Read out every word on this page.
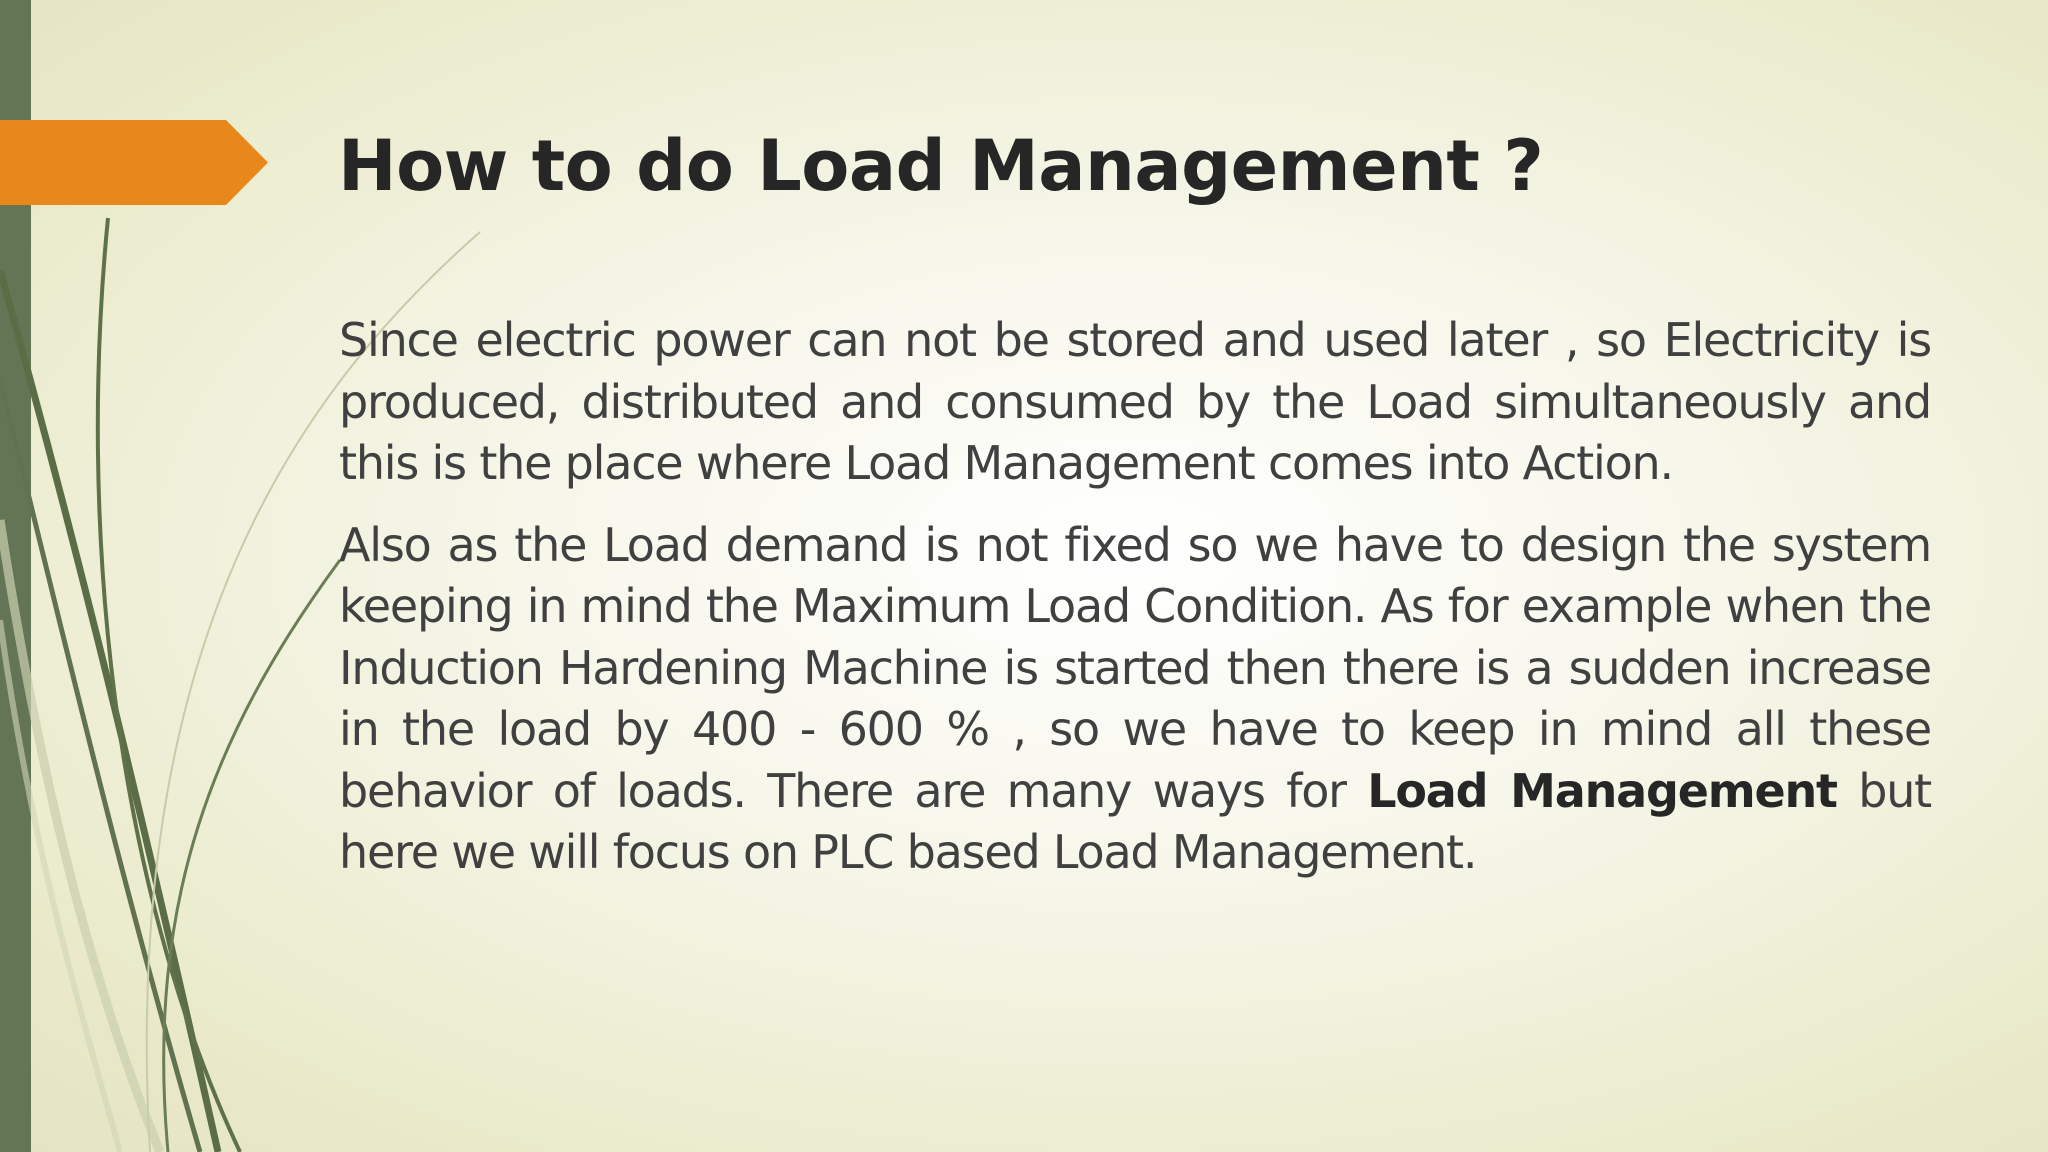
How to do Load Management ?

Since electric power can not be stored and used later , so Electricity is produced, distributed and consumed by the Load simultaneously and this is the place where Load Management comes into Action.

Also as the Load demand is not fixed so we have to design the system keeping in mind the Maximum Load Condition. As for example when the Induction Hardening Machine is started then there is a sudden increase in the load by 400 - 600 % , so we have to keep in mind all these behavior of loads. There are many ways for Load Management but here we will focus on PLC based Load Management.
